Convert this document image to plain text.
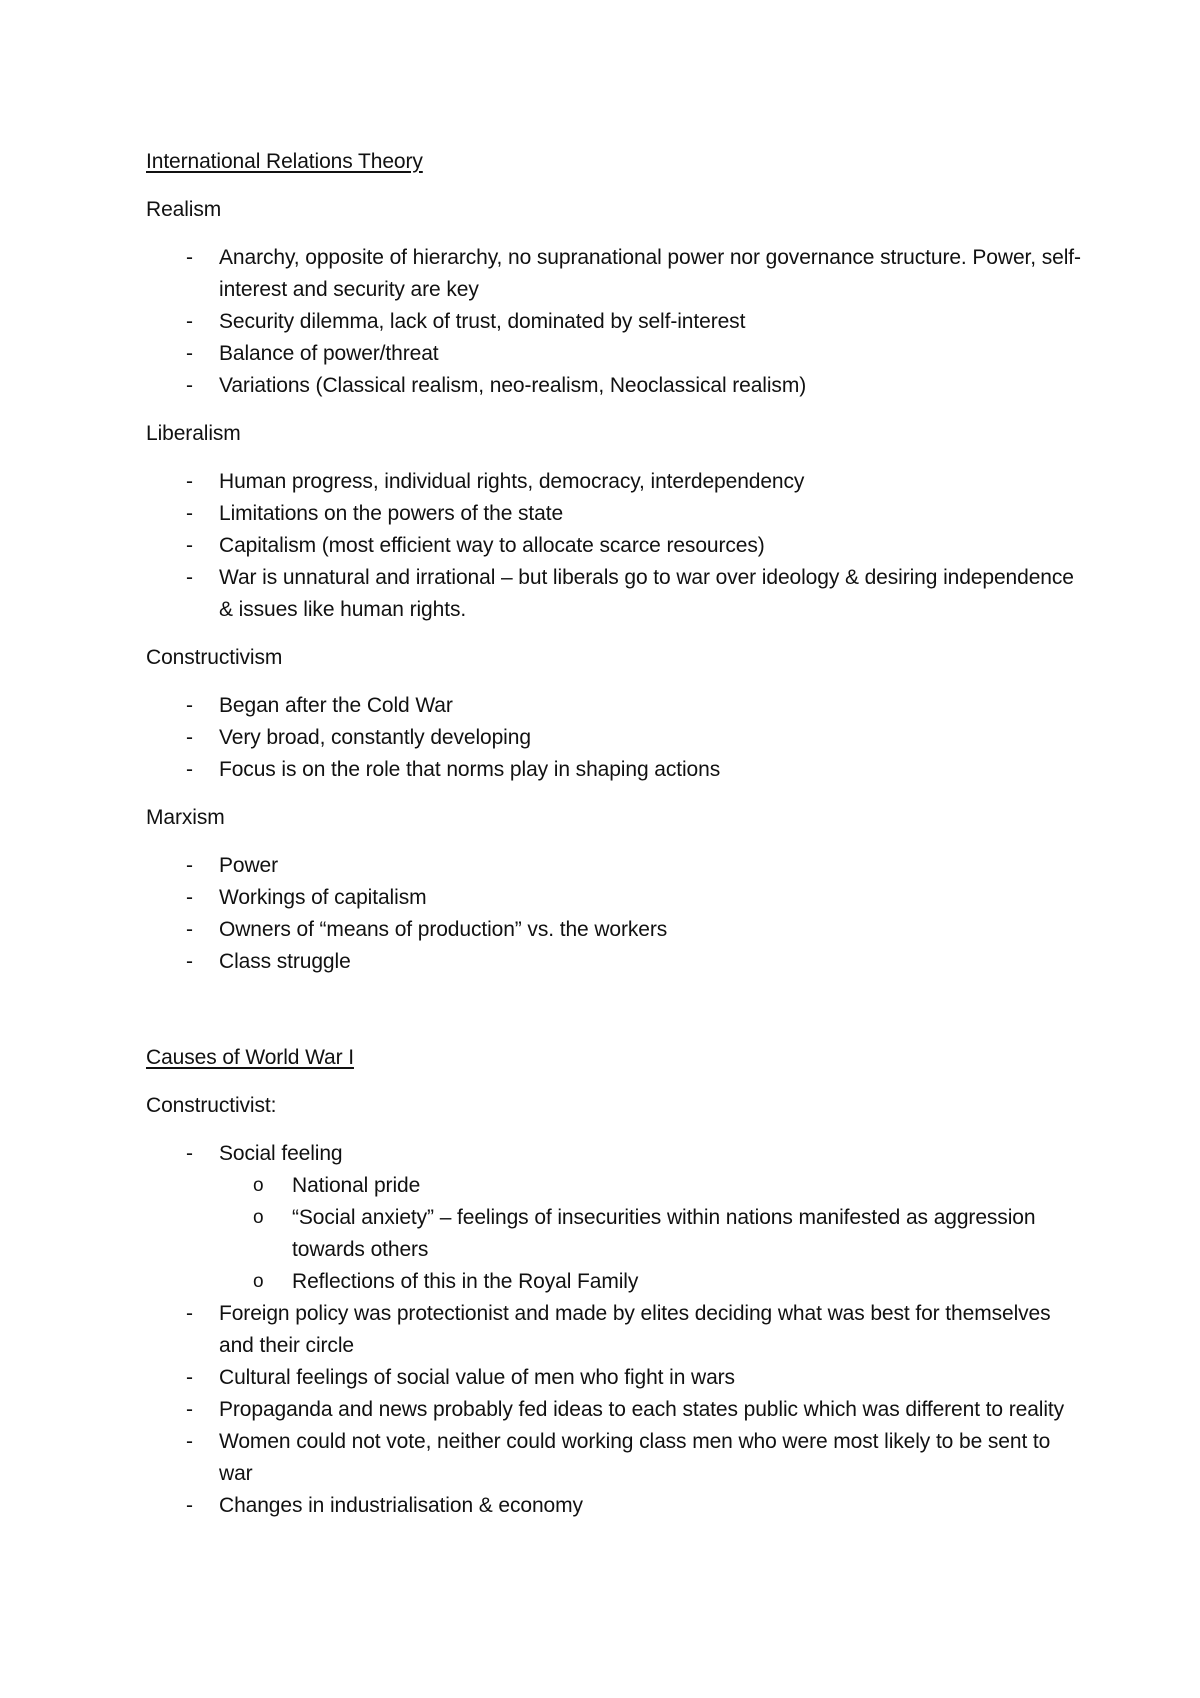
International Relations Theory
Realism
- Anarchy, opposite of hierarchy, no supranational power nor governance structure. Power, self-interest and security are key
- Security dilemma, lack of trust, dominated by self-interest
- Balance of power/threat
- Variations (Classical realism, neo-realism, Neoclassical realism)
Liberalism
- Human progress, individual rights, democracy, interdependency
- Limitations on the powers of the state
- Capitalism (most efficient way to allocate scarce resources)
- War is unnatural and irrational – but liberals go to war over ideology & desiring independence & issues like human rights.
Constructivism
- Began after the Cold War
- Very broad, constantly developing
- Focus is on the role that norms play in shaping actions
Marxism
- Power
- Workings of capitalism
- Owners of “means of production” vs. the workers
- Class struggle
Causes of World War I
Constructivist:
- Social feeling
o National pride
o “Social anxiety” – feelings of insecurities within nations manifested as aggression towards others
o Reflections of this in the Royal Family
- Foreign policy was protectionist and made by elites deciding what was best for themselves and their circle
- Cultural feelings of social value of men who fight in wars
- Propaganda and news probably fed ideas to each states public which was different to reality
- Women could not vote, neither could working class men who were most likely to be sent to war
- Changes in industrialisation & economy
